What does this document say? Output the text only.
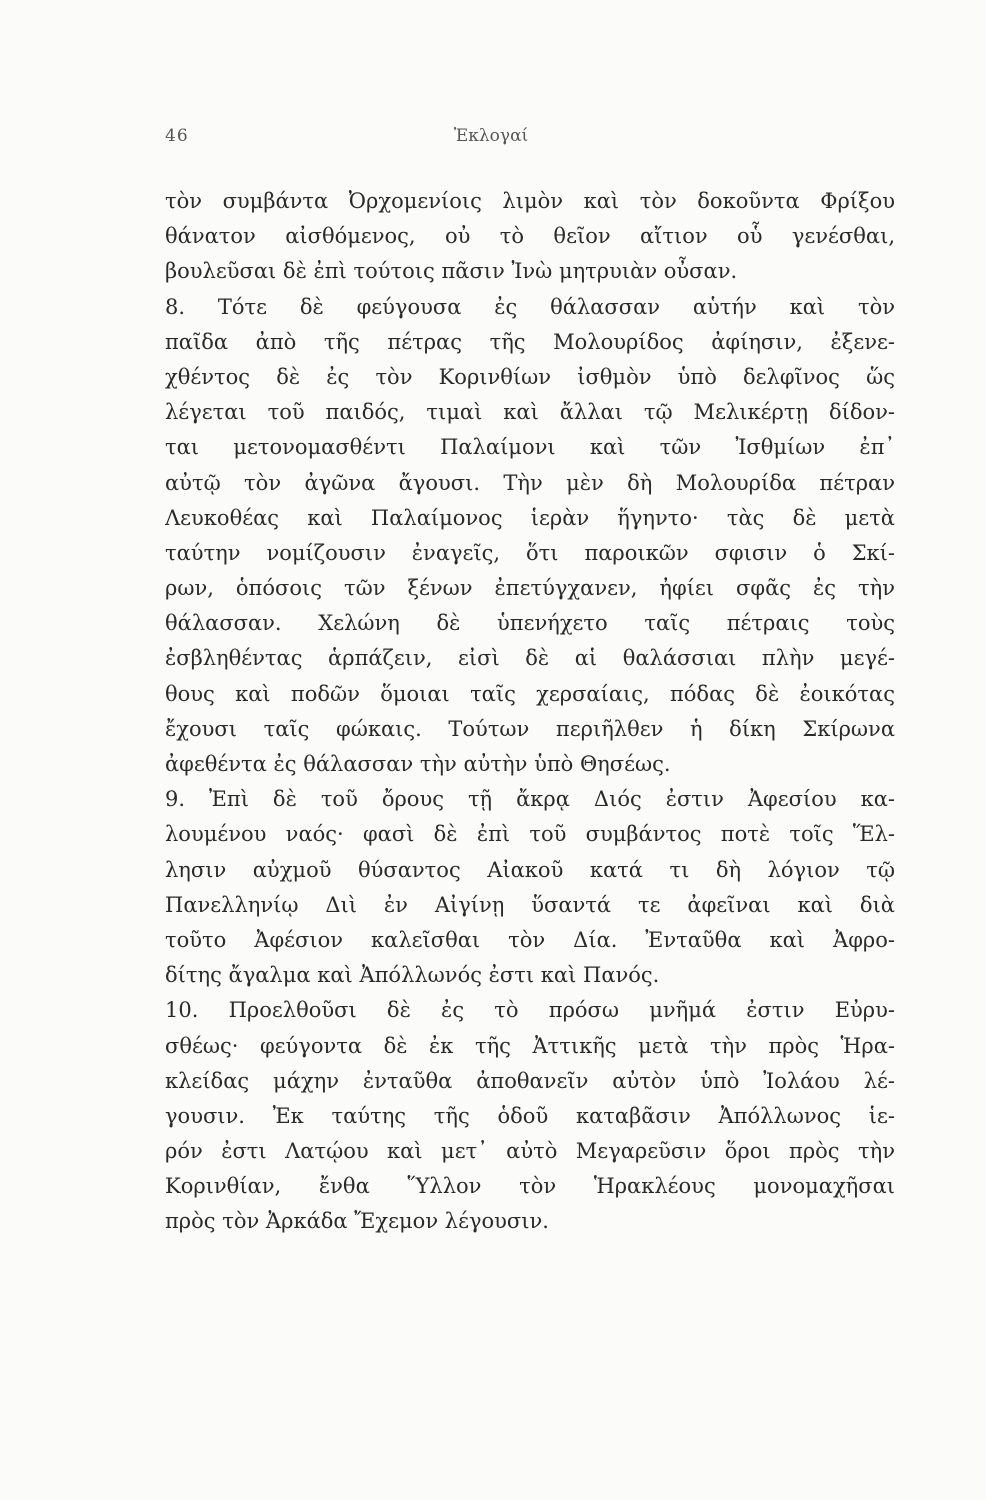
46	Ἐκλογαί
τὸν συμβάντα Ὀρχομενίοις λιμὸν καὶ τὸν δοκοῦντα Φρίξου
θάνατον αἰσθόμενος, οὐ τὸ θεῖον αἴτιον οὗ γενέσθαι,
βουλεῦσαι δὲ ἐπὶ τούτοις πᾶσιν Ἰνὼ μητρυιὰν οὖσαν.
8. Τότε δὲ φεύγουσα ἐς θάλασσαν αὑτήν καὶ τὸν
παῖδα ἀπὸ τῆς πέτρας τῆς Μολουρίδος ἀφίησιν, ἐξενε-
χθέντος δὲ ἐς τὸν Κορινθίων ἰσθμὸν ὑπὸ δελφῖνος ὥς
λέγεται τοῦ παιδός, τιμαὶ καὶ ἄλλαι τῷ Μελικέρτῃ δίδον-
ται μετονομασθέντι Παλαίμονι καὶ τῶν Ἰσθμίων ἐπ᾽
αὐτῷ τὸν ἀγῶνα ἄγουσι. Τὴν μὲν δὴ Μολουρίδα πέτραν
Λευκοθέας καὶ Παλαίμονος ἱερὰν ἥγηντο· τὰς δὲ μετὰ
ταύτην νομίζουσιν ἐναγεῖς, ὅτι παροικῶν σφισιν ὁ Σκί-
ρων, ὁπόσοις τῶν ξένων ἐπετύγχανεν, ἠφίει σφᾶς ἐς τὴν
θάλασσαν. Χελώνη δὲ ὑπενήχετο ταῖς πέτραις τοὺς
ἐσβληθέντας ἁρπάζειν, εἰσὶ δὲ αἱ θαλάσσιαι πλὴν μεγέ-
θους καὶ ποδῶν ὅμοιαι ταῖς χερσαίαις, πόδας δὲ ἐοικότας
ἔχουσι ταῖς φώκαις. Τούτων περιῆλθεν ἡ δίκη Σκίρωνα
ἀφεθέντα ἐς θάλασσαν τὴν αὐτὴν ὑπὸ Θησέως.
9. Ἐπὶ δὲ τοῦ ὄρους τῇ ἄκρᾳ Διός ἐστιν Ἀφεσίου κα-
λουμένου ναός· φασὶ δὲ ἐπὶ τοῦ συμβάντος ποτὲ τοῖς Ἕλ-
λησιν αὐχμοῦ θύσαντος Αἰακοῦ κατά τι δὴ λόγιον τῷ
Πανελληνίῳ Διὶ ἐν Αἰγίνῃ ὕσαντά τε ἀφεῖναι καὶ διὰ
τοῦτο Ἀφέσιον καλεῖσθαι τὸν Δία. Ἐνταῦθα καὶ Ἀφρο-
δίτης ἄγαλμα καὶ Ἀπόλλωνός ἐστι καὶ Πανός.
10. Προελθοῦσι δὲ ἐς τὸ πρόσω μνῆμά ἐστιν Εὐρυ-
σθέως· φεύγοντα δὲ ἐκ τῆς Ἀττικῆς μετὰ τὴν πρὸς Ἡρα-
κλείδας μάχην ἐνταῦθα ἀποθανεῖν αὐτὸν ὑπὸ Ἰολάου λέ-
γουσιν. Ἐκ ταύτης τῆς ὁδοῦ καταβᾶσιν Ἀπόλλωνος ἱε-
ρόν ἐστι Λατῴου καὶ μετ᾽ αὐτὸ Μεγαρεῦσιν ὅροι πρὸς τὴν
Κορινθίαν, ἔνθα Ὕλλον τὸν Ἡρακλέους μονομαχῆσαι
πρὸς τὸν Ἀρκάδα Ἔχεμον λέγουσιν.
